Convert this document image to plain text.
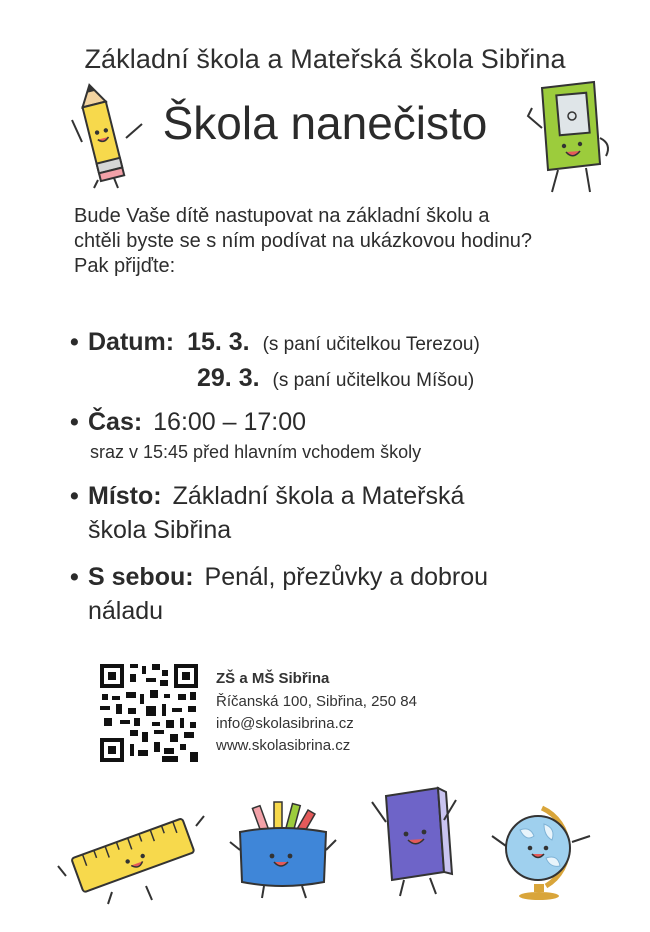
Základní škola a Mateřská škola Sibřina
Škola nanečisto
Bude Vaše dítě nastupovat na základní školu a
chtěli byste se s ním podívat na ukázkovou hodinu?
Pak přijďte:
• Datum: 15. 3. (s paní učitelkou Terezou)
29. 3. (s paní učitelkou Míšou)
• Čas: 16:00 – 17:00
sraz v 15:45 před hlavním vchodem školy
• Místo: Základní škola a Mateřská
škola Sibřina
• S sebou: Penál, přezůvky a dobrou
náladu
ZŠ a MŠ Sibřina
Říčanská 100, Sibřina, 250 84
info@skolasibrina.cz
www.skolasibrina.cz
